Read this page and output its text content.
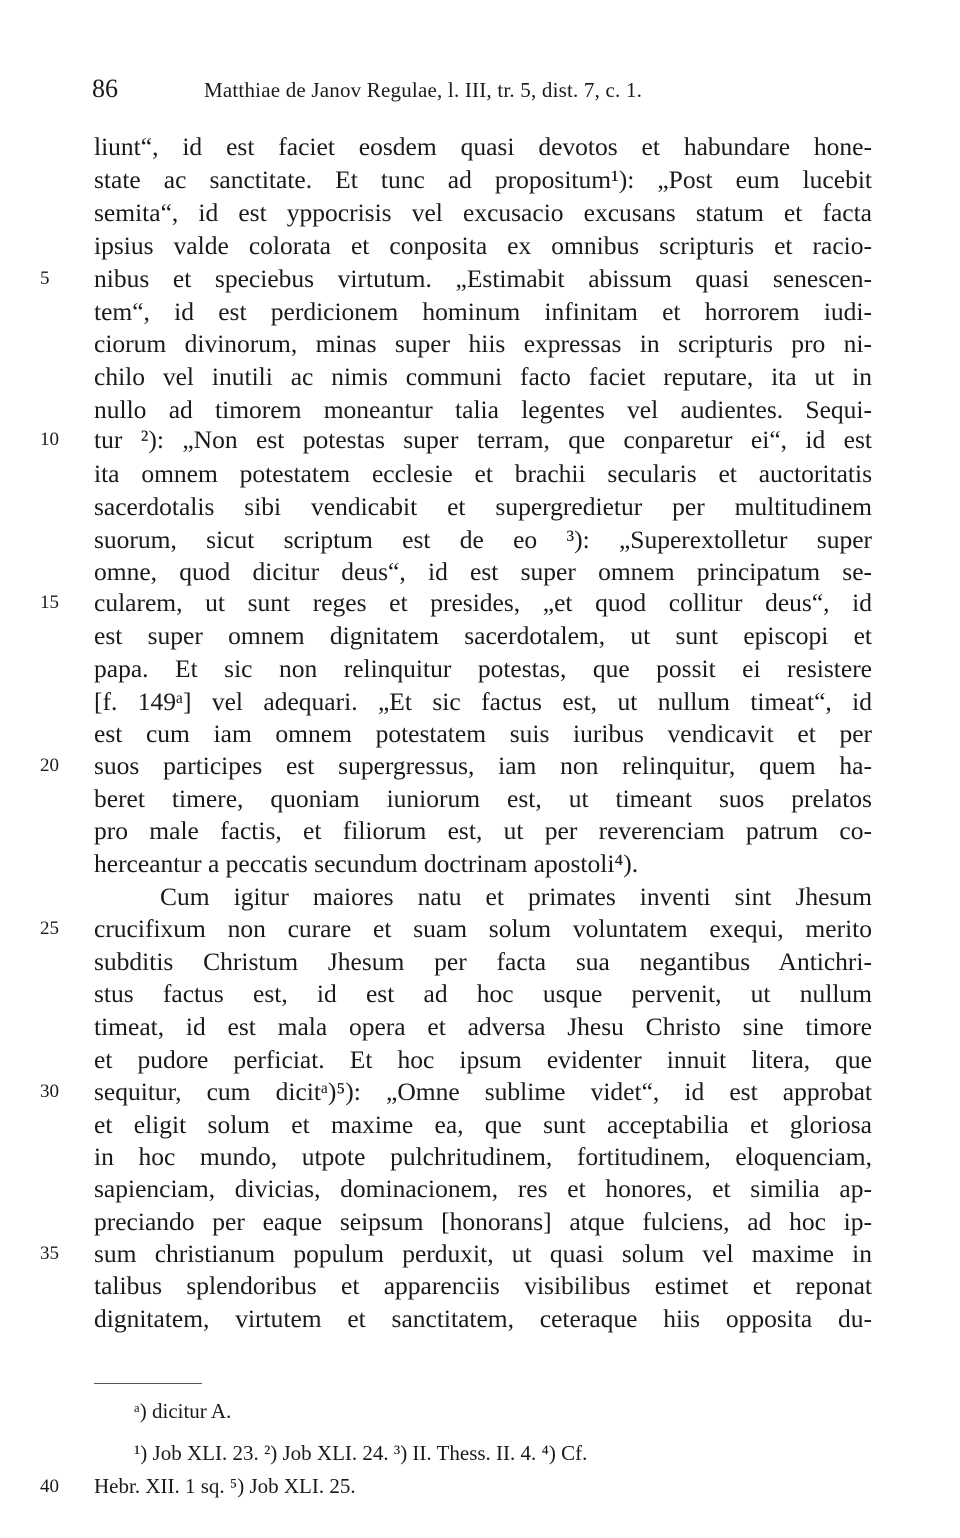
86	Matthiae de Janov Regulae, l. III, tr. 5, dist. 7, c. 1.
liunt“, id est faciet eosdem quasi devotos et habundare hone-
state ac sanctitate. Et tunc ad propositum¹): „Post eum lucebit
semita“, id est yppocrisis vel excusacio excusans statum et facta
ipsius valde colorata et conposita ex omnibus scripturis et racio-
nibus et speciebus virtutum. „Estimabit abissum quasi senescen-
tem“, id est perdicionem hominum infinitam et horrorem iudi-
ciorum divinorum, minas super hiis expressas in scripturis pro ni-
chilo vel inutili ac nimis communi facto faciet reputare, ita ut in
nullo ad timorem moneantur talia legentes vel audientes. Sequi-
tur ²): „Non est potestas super terram, que conparetur ei“, id est
ita omnem potestatem ecclesie et brachii secularis et auctoritatis
sacerdotalis sibi vendicabit et supergredietur per multitudinem
suorum, sicut scriptum est de eo ³): „Superextolletur super
omne, quod dicitur deus“, id est super omnem principatum se-
cularem, ut sunt reges et presides, „et quod collitur deus“, id
est super omnem dignitatem sacerdotalem, ut sunt episcopi et
papa. Et sic non relinquitur potestas, que possit ei resistere
[f. 149ᵃ] vel adequari. „Et sic factus est, ut nullum timeat“, id
est cum iam omnem potestatem suis iuribus vendicavit et per
suos participes est supergressus, iam non relinquitur, quem ha-
beret timere, quoniam iuniorum est, ut timeant suos prelatos
pro male factis, et filiorum est, ut per reverenciam patrum co-
herceantur a peccatis secundum doctrinam apostoli⁴).
Cum igitur maiores natu et primates inventi sint Jhesum
crucifixum non curare et suam solum voluntatem exequi, merito
subditis Christum Jhesum per facta sua negantibus Antichri-
stus factus est, id est ad hoc usque pervenit, ut nullum
timeat, id est mala opera et adversa Jhesu Christo sine timore
et pudore perficiat. Et hoc ipsum evidenter innuit litera, que
sequitur, cum dicitᵃ)⁵): „Omne sublime videt“, id est approbat
et eligit solum et maxime ea, que sunt acceptabilia et gloriosa
in hoc mundo, utpote pulchritudinem, fortitudinem, eloquenciam,
sapienciam, divicias, dominacionem, res et honores, et similia ap-
preciando per eaque seipsum [honorans] atque fulciens, ad hoc ip-
sum christianum populum perduxit, ut quasi solum vel maxime in
talibus splendoribus et apparenciis visibilibus estimet et reponat
dignitatem, virtutem et sanctitatem, ceteraque hiis opposita du-
5
10
15
20
25
30
35
40
ᵃ) dicitur A.
¹) Job XLI. 23. ²) Job XLI. 24. ³) II. Thess. II. 4. ⁴) Cf.
Hebr. XII. 1 sq. ⁵) Job XLI. 25.
